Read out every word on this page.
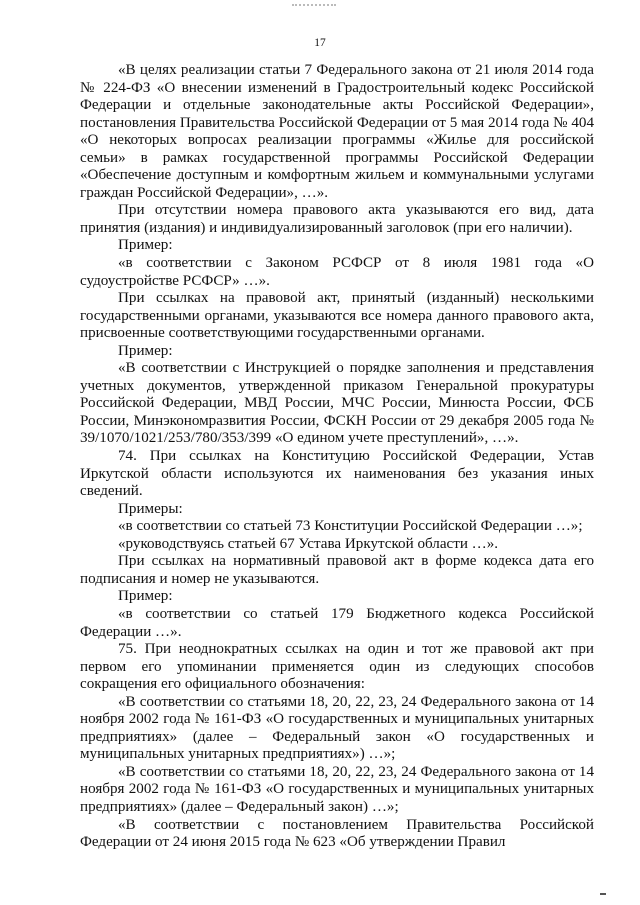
17

«В целях реализации статьи 7 Федерального закона от 21 июля 2014 года № 224-ФЗ «О внесении изменений в Градостроительный кодекс Российской Федерации и отдельные законодательные акты Российской Федерации», постановления Правительства Российской Федерации от 5 мая 2014 года № 404 «О некоторых вопросах реализации программы «Жилье для российской семьи» в рамках государственной программы Российской Федерации «Обеспечение доступным и комфортным жильем и коммунальными услугами граждан Российской Федерации», …».

При отсутствии номера правового акта указываются его вид, дата принятия (издания) и индивидуализированный заголовок (при его наличии).

Пример:

«в соответствии с Законом РСФСР от 8 июля 1981 года «О судоустройстве РСФСР» …».

При ссылках на правовой акт, принятый (изданный) несколькими государственными органами, указываются все номера данного правового акта, присвоенные соответствующими государственными органами.

Пример:

«В соответствии с Инструкцией о порядке заполнения и представления учетных документов, утвержденной приказом Генеральной прокуратуры Российской Федерации, МВД России, МЧС России, Минюста России, ФСБ России, Минэкономразвития России, ФСКН России от 29 декабря 2005 года № 39/1070/1021/253/780/353/399 «О едином учете преступлений», …».

74. При ссылках на Конституцию Российской Федерации, Устав Иркутской области используются их наименования без указания иных сведений.

Примеры:

«в соответствии со статьей 73 Конституции Российской Федерации …»;

«руководствуясь статьей 67 Устава Иркутской области …».

При ссылках на нормативный правовой акт в форме кодекса дата его подписания и номер не указываются.

Пример:

«в соответствии со статьей 179 Бюджетного кодекса Российской Федерации …».

75. При неоднократных ссылках на один и тот же правовой акт при первом его упоминании применяется один из следующих способов сокращения его официального обозначения:

«В соответствии со статьями 18, 20, 22, 23, 24 Федерального закона от 14 ноября 2002 года № 161-ФЗ «О государственных и муниципальных унитарных предприятиях» (далее – Федеральный закон «О государственных и муниципальных унитарных предприятиях») …»;

«В соответствии со статьями 18, 20, 22, 23, 24 Федерального закона от 14 ноября 2002 года № 161-ФЗ «О государственных и муниципальных унитарных предприятиях» (далее – Федеральный закон) …»;

«В соответствии с постановлением Правительства Российской Федерации от 24 июня 2015 года № 623 «Об утверждении Правил
